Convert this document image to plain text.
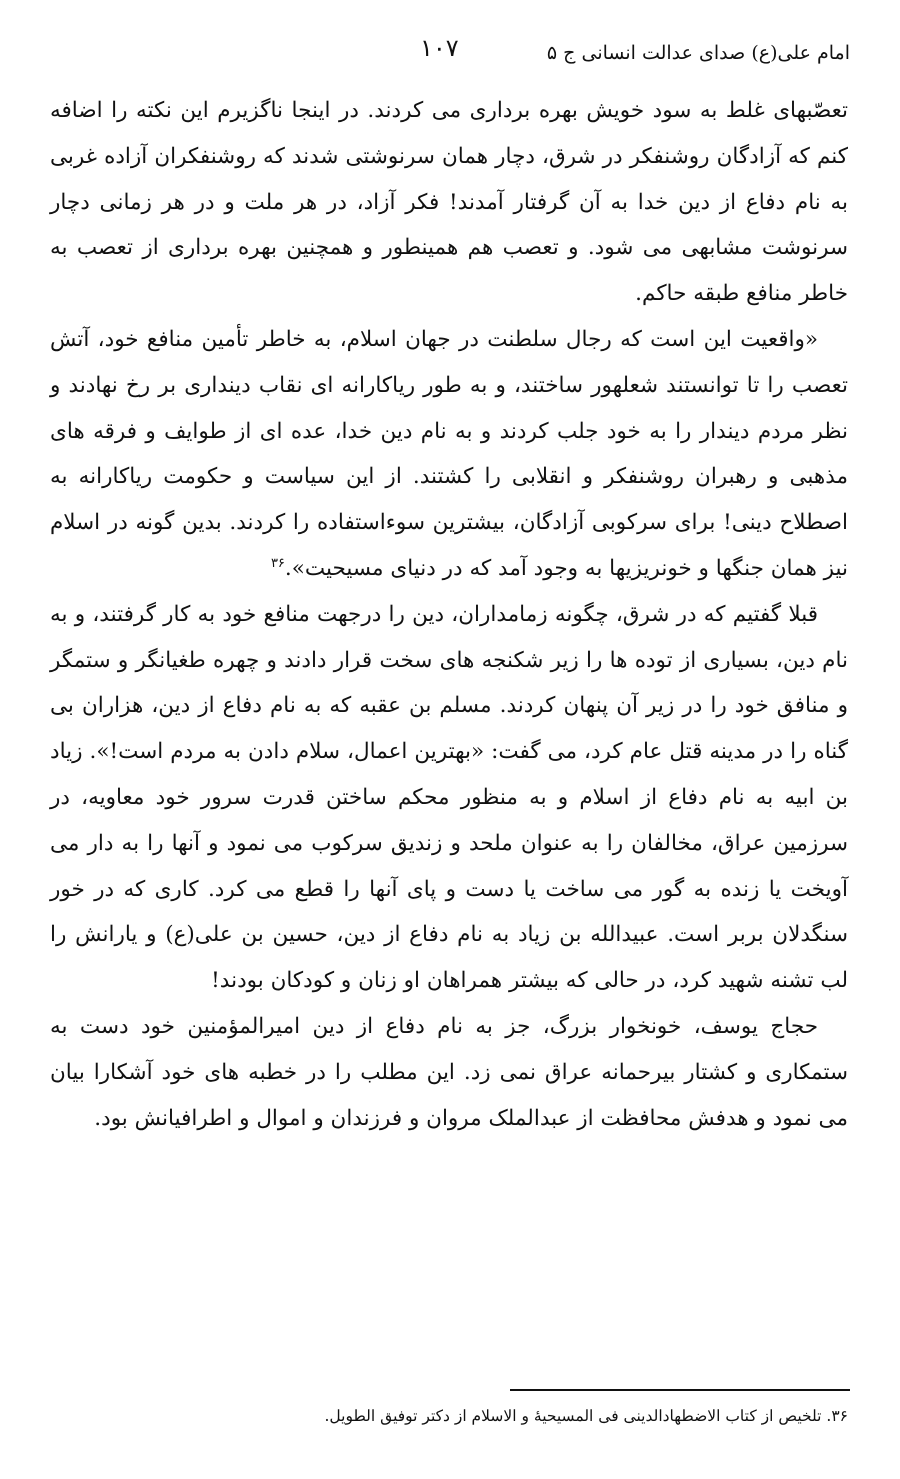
امام علی(ع) صدای عدالت انسانی ج ۵
۱۰۷

تعصّبهای غلط به سود خویش بهره برداری می کردند. در اینجا ناگزیرم این نکته را اضافه کنم که آزادگان روشنفکر در شرق، دچار همان سرنوشتی شدند که روشنفکران آزاده غربی به نام دفاع از دین خدا به آن گرفتار آمدند! فکر آزاد، در هر ملت و در هر زمانی دچار سرنوشت مشابهی می شود. و تعصب هم همینطور و همچنین بهره برداری از تعصب به خاطر منافع طبقه حاکم.

«واقعیت این است که رجال سلطنت در جهان اسلام، به خاطر تأمین منافع خود، آتش تعصب را تا توانستند شعلهور ساختند، و به طور ریاکارانه ای نقاب دینداری بر رخ نهادند و نظر مردم دیندار را به خود جلب کردند و به نام دین خدا، عده ای از طوایف و فرقه های مذهبی و رهبران روشنفکر و انقلابی را کشتند. از این سیاست و حکومت ریاکارانه به اصطلاح دینی! برای سرکوبی آزادگان، بیشترین سوءاستفاده را کردند. بدین گونه در اسلام نیز همان جنگها و خونریزیها به وجود آمد که در دنیای مسیحیت».$^{۳۶}$

قبلا گفتیم که در شرق، چگونه زمامداران، دین را درجهت منافع خود به کار گرفتند، و به نام دین، بسیاری از توده ها را زیر شکنجه های سخت قرار دادند و چهره طغیانگر و ستمگر و منافق خود را در زیر آن پنهان کردند. مسلم بن عقبه که به نام دفاع از دین، هزاران بی گناه را در مدینه قتل عام کرد، می گفت: «بهترین اعمال، سلام دادن به مردم است!». زیاد بن ابیه به نام دفاع از اسلام و به منظور محکم ساختن قدرت سرور خود معاویه، در سرزمین عراق، مخالفان را به عنوان ملحد و زندیق سرکوب می نمود و آنها را به دار می آویخت یا زنده به گور می ساخت یا دست و پای آنها را قطع می کرد. کاری که در خور سنگدلان بربر است. عبیدالله بن زیاد به نام دفاع از دین، حسین بن علی(ع) و یارانش را لب تشنه شهید کرد، در حالی که بیشتر همراهان او زنان و کودکان بودند!

حجاج یوسف، خونخوار بزرگ، جز به نام دفاع از دین امیرالمؤمنین خود دست به ستمکاری و کشتار بیرحمانه عراق نمی زد. این مطلب را در خطبه های خود آشکارا بیان می نمود و هدفش محافظت از عبدالملک مروان و فرزندان و اموال و اطرافیانش بود.

۳۶. تلخیص از کتاب الاضطهادالدینی فی المسیحیهٔ و الاسلام از دکتر توفیق الطویل.
